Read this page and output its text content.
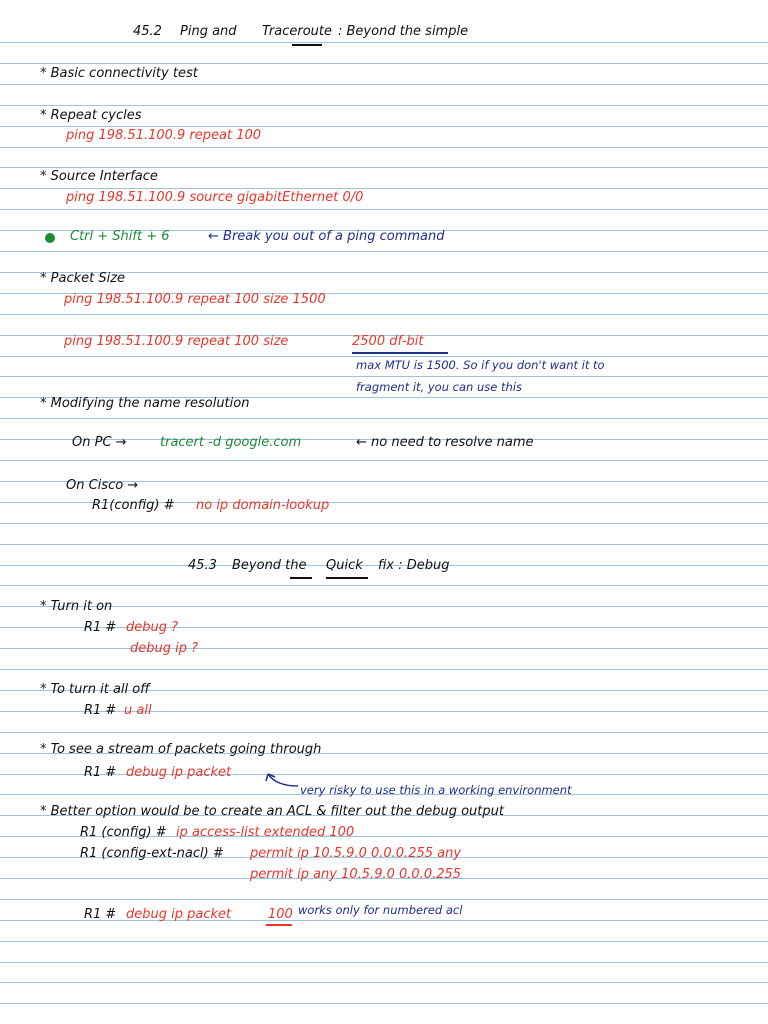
45.2 Ping and Traceroute : Beyond the simple
* Basic connectivity test
* Repeat cycles
ping 198.51.100.9 repeat 100
* Source Interface
ping 198.51.100.9 source gigabitEthernet 0/0
Ctrl + Shift + 6	← Break you out of a ping command
* Packet Size
ping 198.51.100.9 repeat 100 size 1500
ping 198.51.100.9 repeat 100 size	2500 df-bit
max MTU is 1500. So if you don't want it to
fragment it, you can use this
* Modifying the name resolution
On PC →	tracert -d google.com	← no need to resolve name
On Cisco →
R1(config) # no ip domain-lookup
45.3 Beyond the Quick fix : Debug
* Turn it on
R1 # debug ?
debug ip ?
* To turn it all off
R1 # u all
* To see a stream of packets going through
R1 # debug ip packet
very risky to use this in a working environment
* Better option would be to create an ACL & filter out the debug output
R1 (config) # ip access-list extended 100
R1 (config-ext-nacl) # permit ip 10.5.9.0 0.0.0.255 any
permit ip any 10.5.9.0 0.0.0.255
R1 # debug ip packet	100 works only for numbered acl
